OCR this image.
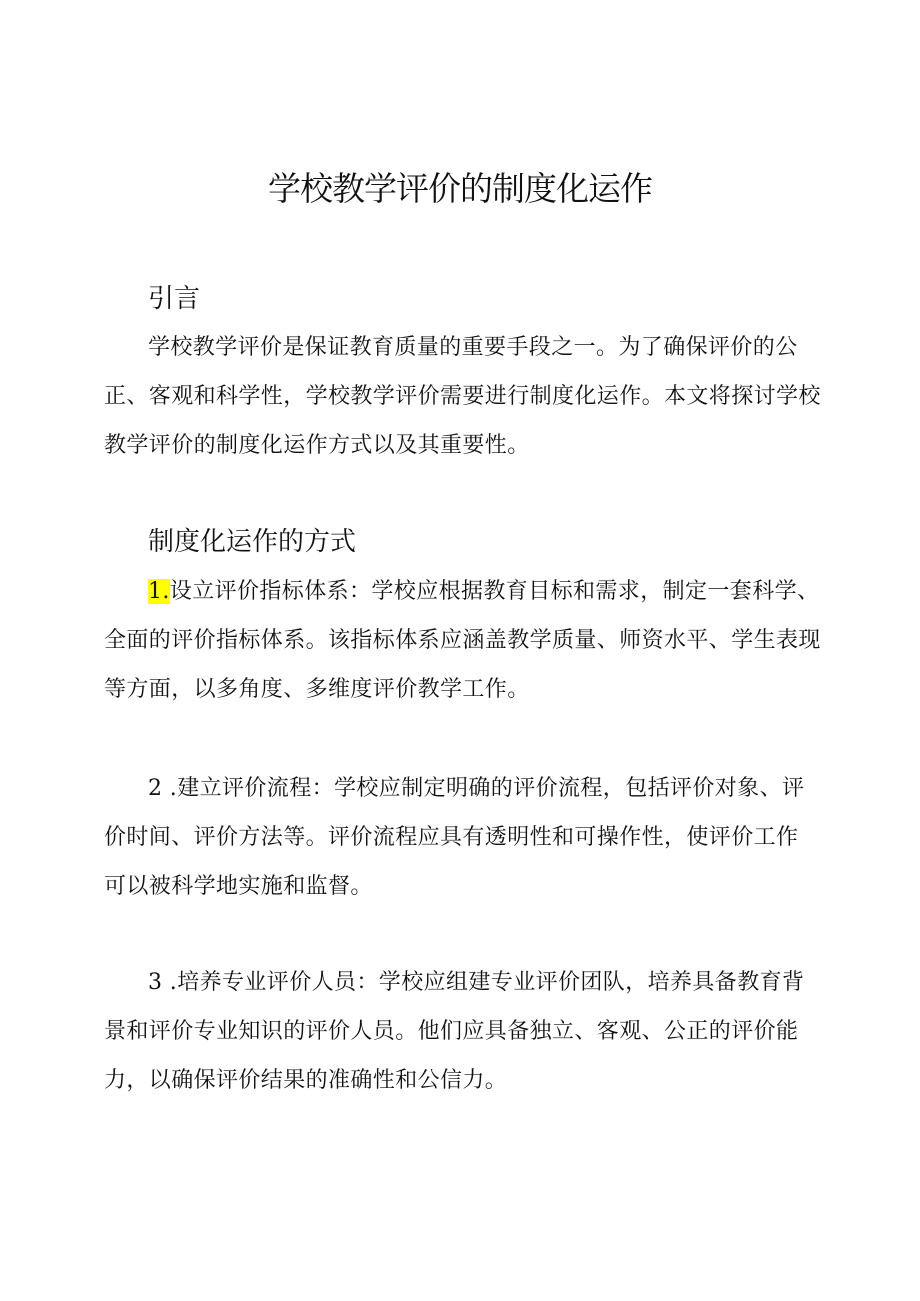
学校教学评价的制度化运作
引言

学校教学评价是保证教育质量的重要手段之一。为了确保评价的公正、客观和科学性，学校教学评价需要进行制度化运作。本文将探讨学校教学评价的制度化运作方式以及其重要性。

制度化运作的方式

1.设立评价指标体系：学校应根据教育目标和需求，制定一套科学、全面的评价指标体系。该指标体系应涵盖教学质量、师资水平、学生表现等方面，以多角度、多维度评价教学工作。

2 .建立评价流程：学校应制定明确的评价流程，包括评价对象、评价时间、评价方法等。评价流程应具有透明性和可操作性，使评价工作可以被科学地实施和监督。

3 .培养专业评价人员：学校应组建专业评价团队，培养具备教育背景和评价专业知识的评价人员。他们应具备独立、客观、公正的评价能力，以确保评价结果的准确性和公信力。
